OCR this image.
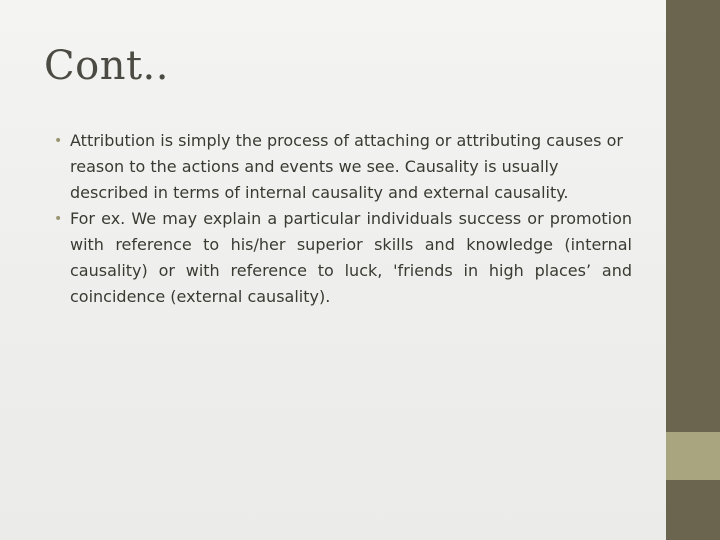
Cont..
• Attribution is simply the process of attaching or attributing causes or reason to the actions and events we see. Causality is usually described in terms of internal causality and external causality.
• For ex. We may explain a particular individuals success or promotion with reference to his/her superior skills and knowledge (internal causality) or with reference to luck, 'friends in high places’ and coincidence (external causality).
